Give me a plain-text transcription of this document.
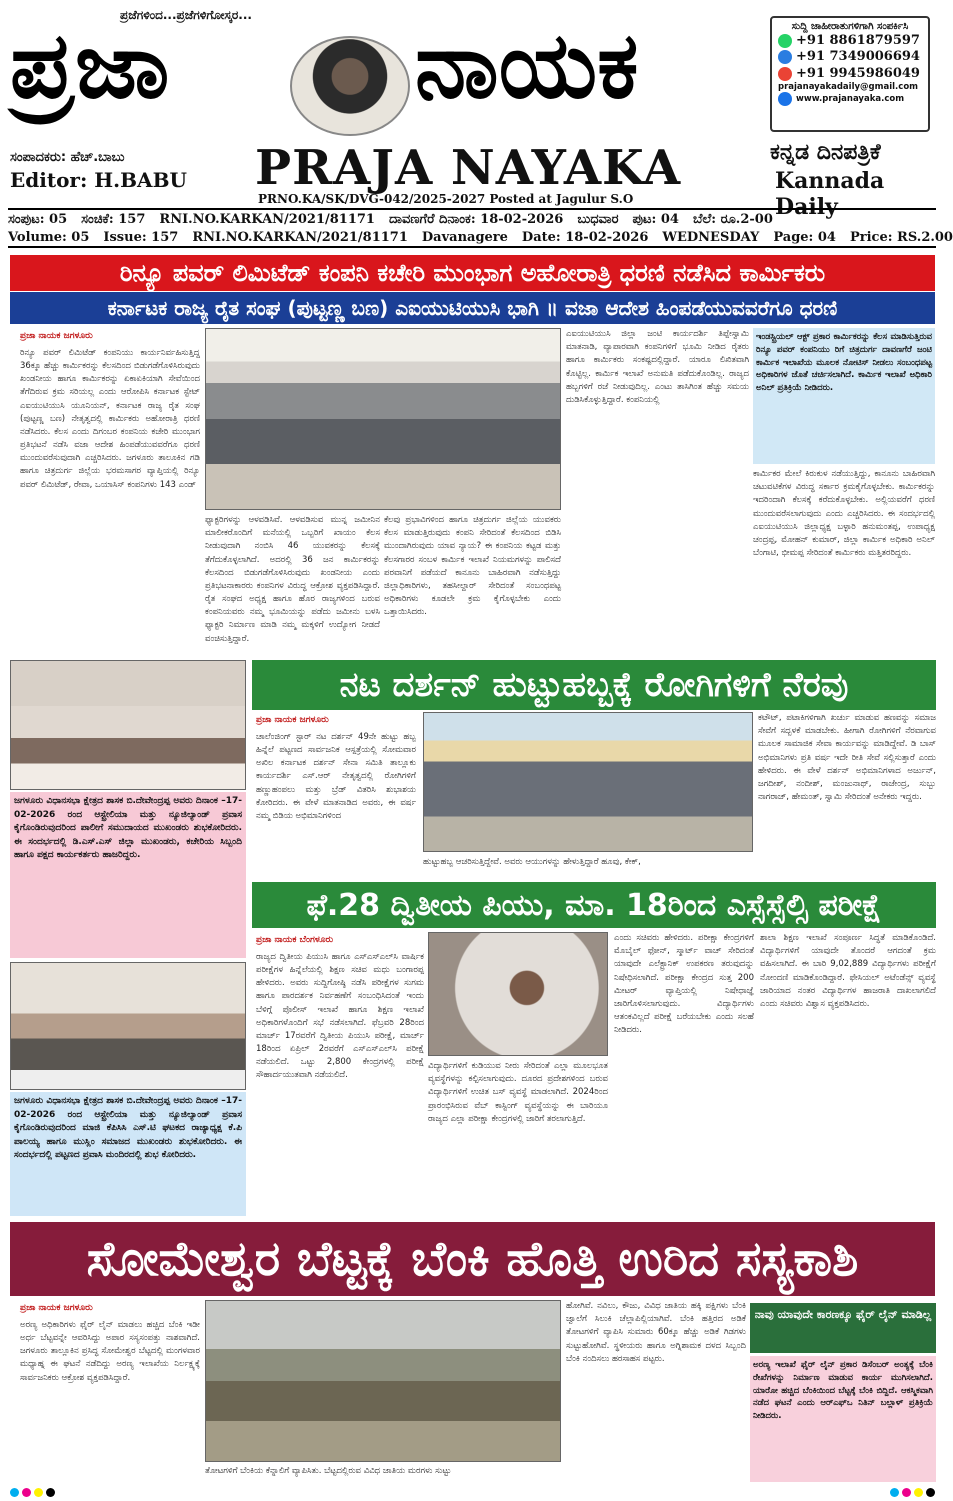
ಪ್ರಜೆಗಳಿಂದ...ಪ್ರಜೆಗಳಿಗೋಸ್ಕರ...
ಪ್ರಜಾ	ನಾಯಕ
PRAJA NAYAKA
ಸಂಪಾದಕರು: ಹೆಚ್.ಬಾಬು
Editor: H.BABU
PRNO.KA/SK/DVG-042/2025-2027 Posted at Jagulur S.O
ಕನ್ನಡ ದಿನಪತ್ರಿಕೆ
Kannada Daily
ಸುದ್ದಿ ಜಾಹೀರಾತುಗಳಿಗಾಗಿ ಸಂಪರ್ಕಿಸಿ
+91 8861879597
+91 7349006694
+91 9945986049
prajanayakadaily@gmail.com
www.prajanayaka.com
ಸಂಪುಟ: 05 ಸಂಚಿಕೆ: 157 RNI.NO.KARKAN/2021/81171 ದಾವಣಗೆರೆ ದಿನಾಂಕ: 18-02-2026 ಬುಧವಾರ ಪುಟ: 04 ಬೆಲೆ: ರೂ.2-00
Volume: 05 Issue: 157 RNI.NO.KARKAN/2021/81171 Davanagere Date: 18-02-2026 WEDNESDAY Page: 04 Price: RS.2.00
ರಿನ್ಯೂ ಪವರ್ ಲಿಮಿಟೆಡ್ ಕಂಪನಿ ಕಚೇರಿ ಮುಂಭಾಗ ಅಹೋರಾತ್ರಿ ಧರಣಿ ನಡೆಸಿದ ಕಾರ್ಮಿಕರು
ಕರ್ನಾಟಕ ರಾಜ್ಯ ರೈತ ಸಂಘ (ಪುಟ್ಟಣ್ಣ ಬಣ) ಎಐಯುಟಿಯುಸಿ ಭಾಗಿ ॥ ವಜಾ ಆದೇಶ ಹಿಂಪಡೆಯುವವರೆಗೂ ಧರಣಿ
ಪ್ರಜಾ ನಾಯಕ ಜಗಳೂರು

ರಿನ್ಯೂ ಪವರ್ ಲಿಮಿಟೆಡ್ ಕಂಪನಿಯು ಕಾರ್ಯನಿರ್ವಹಿಸುತ್ತಿದ್ದ 36ಕ್ಕೂ ಹೆಚ್ಚು ಕಾರ್ಮಿಕರನ್ನು ಕೆಲಸದಿಂದ ಬಿಡುಗಡೆಗೊಳಿಸಿರುವುದು ಖಂಡನೀಯ ಹಾಗೂ ಕಾರ್ಮಿಕರನ್ನು ಏಕಾಏಕಿಯಾಗಿ ಸೇವೆಯಿಂದ ತೆಗೆದಿರುವ ಕ್ರಮ ಸರಿಯಲ್ಲ ಎಂದು ಆರೋಪಿಸಿ ಕರ್ನಾಟಕ ಸ್ಟೇಟ್ ಎಐಯುಟಿಯುಸಿ ಯೂನಿಯನ್, ಕರ್ನಾಟಕ ರಾಜ್ಯ ರೈತ ಸಂಘ (ಪುಟ್ಟಣ್ಣ ಬಣ) ನೇತೃತ್ವದಲ್ಲಿ ಕಾರ್ಮಿಕರು ಅಹೋರಾತ್ರಿ ಧರಣಿ ನಡೆಸಿದರು. ಕೆಲಸ ಎಂದು ದಿಗಂಬರ ಕಂಪನಿಯ ಕಚೇರಿ ಮುಂಭಾಗ ಪ್ರತಿಭಟನೆ ನಡೆಸಿ ವಜಾ ಆದೇಶ ಹಿಂಪಡೆಯುವವರೆಗೂ ಧರಣಿ ಮುಂದುವರೆಸುವುದಾಗಿ ಎಚ್ಚರಿಸಿದರು. ಜಗಳೂರು ತಾಲೂಕಿನ ಗಡಿ ಹಾಗೂ ಚಿತ್ರದುರ್ಗ ಜಿಲ್ಲೆಯ ಭರಮಸಾಗರ ವ್ಯಾಪ್ತಿಯಲ್ಲಿ ರಿನ್ಯೂ ಪವರ್ ಲಿಮಿಟೆಡ್, ರೇವಾ, ಒಯಾಸಿಸ್ ಕಂಪನಿಗಳು 143 ಎಂಡ್

ಫ್ಯಾಕ್ಟರಿಗಳನ್ನು ಆಳವಡಿಸಿವೆ. ಆಳವಡಿಸುವ ಮುನ್ನ ಜಮೀನಿನ ಮಾಲೀಕರೊಂದಿಗೆ ಮನೆಯಲ್ಲಿ ಒಬ್ಬರಿಗೆ ಖಾಯಂ ಕೆಲಸ ನೀಡುವುದಾಗಿ ನಂಬಿಸಿ 46 ಯುವಕರನ್ನು ಕೆಲಸಕ್ಕೆ ತೆಗೆದುಕೊಳ್ಳಲಾಗಿದೆ. ಅದರಲ್ಲಿ 36 ಜನ ಕಾರ್ಮಿಕರನ್ನು ಕೆಲಸದಿಂದ ಬಿಡುಗಡೆಗೊಳಿಸಿರುವುದು ಖಂಡನೀಯ ಎಂದು ಪ್ರತಿಭಟನಾಕಾರರು ಕಂಪನಿಗಳ ವಿರುದ್ಧ ಆಕ್ರೋಶ ವ್ಯಕ್ತಪಡಿಸಿದ್ದಾರೆ. ರೈತ ಸಂಘದ ಅಧ್ಯಕ್ಷ ಹಾಗೂ ಹೊರ ರಾಜ್ಯಗಳಿಂದ ಬರುವ ಕಂಪನಿಯವರು ನಮ್ಮ ಭೂಮಿಯನ್ನು ಪಡೆದು ಜಮೀನು ಬಳಸಿ ಫ್ಯಾಕ್ಟರಿ ನಿರ್ಮಾಣ ಮಾಡಿ ನಮ್ಮ ಮಕ್ಕಳಿಗೆ ಉದ್ಯೋಗ ನೀಡದೆ ವಂಚಿಸುತ್ತಿದ್ದಾರೆ.

ಕೆಲವು ಪ್ರಭಾವಿಗಳಿಂದ ಹಾಗೂ ಚಿತ್ರದುರ್ಗ ಜಿಲ್ಲೆಯ ಯುವಕರು ಕೆಲಸ ಮಾಡುತ್ತಿರುವುದು ಕಂಪನಿ ಸೇರಿದಂತೆ ಕೆಲಸದಿಂದ ಬಿಡಿಸಿ ಮುಂದಾಗಿರುವುದು ಯಾವ ನ್ಯಾಯ? ಈ ಕಂಪನಿಯ ಕಟ್ಟಡ ಮತ್ತು ಕೆಲಸಗಾರರ ಸಂಬಳ ಕಾರ್ಮಿಕ ಇಲಾಖೆ ನಿಯಮಗಳನ್ನು ಪಾಲಿಸದೆ ಪರವಾನಿಗೆ ಪಡೆಯದೆ ಕಾನೂನು ಬಾಹಿರವಾಗಿ ನಡೆಸುತ್ತಿದ್ದು ಜಿಲ್ಲಾಧಿಕಾರಿಗಳು, ತಹಸೀಲ್ದಾರ್ ಸೇರಿದಂತೆ ಸಂಬಂಧಪಟ್ಟ ಅಧಿಕಾರಿಗಳು ಕೂಡಲೇ ಕ್ರಮ ಕೈಗೊಳ್ಳಬೇಕು ಎಂದು ಒತ್ತಾಯಿಸಿದರು.

ಎಐಯುಟಿಯುಸಿ ಜಿಲ್ಲಾ ಜಂಟಿ ಕಾರ್ಯದರ್ಶಿ ತಿಪ್ಪೇಸ್ವಾಮಿ ಮಾತನಾಡಿ, ವ್ಯಾಪಾರವಾಗಿ ಕಂಪನಿಗಳಿಗೆ ಭೂಮಿ ನೀಡಿದ ರೈತರು ಹಾಗೂ ಕಾರ್ಮಿಕರು ಸಂಕಷ್ಟದಲ್ಲಿದ್ದಾರೆ. ಯಾರೂ ಲಿಖಿತವಾಗಿ ಕೊಟ್ಟಿಲ್ಲ. ಕಾರ್ಮಿಕ ಇಲಾಖೆ ಅನುಮತಿ ಪಡೆದುಕೊಂಡಿಲ್ಲ. ರಾಜ್ಯದ ಹಬ್ಬಗಳಿಗೆ ರಜೆ ನೀಡುವುದಿಲ್ಲ. ಎಂಟು ತಾಸಿಗಿಂತ ಹೆಚ್ಚು ಸಮಯ ದುಡಿಸಿಕೊಳ್ಳುತ್ತಿದ್ದಾರೆ. ಕಂಪನಿಯಲ್ಲಿ

ಇಂಡಸ್ಟ್ರಿಯಲ್ ಆಕ್ಟ್ ಪ್ರಕಾರ ಕಾರ್ಮಿಕರನ್ನು ಕೆಲಸ ಮಾಡಿಸುತ್ತಿರುವ ರಿನ್ಯೂ ಪವರ್ ಕಂಪನಿಯು ರಿಗೆ ಚಿತ್ರದುರ್ಗ ದಾವಣಗೆರೆ ಜಂಟಿ ಕಾರ್ಮಿಕ ಇಲಾಖೆಯ ಮೂಲಕ ನೋಟಿಸ್ ನೀಡಲು ಸಂಬಂಧಪಟ್ಟ ಅಧಿಕಾರಿಗಳ ಜೊತೆ ಚರ್ಚಿಸಲಾಗಿದೆ. ಕಾರ್ಮಿಕ ಇಲಾಖೆ ಅಧಿಕಾರಿ ಅನಿಲ್ ಪ್ರತಿಕ್ರಿಯೆ ನೀಡಿದರು.

ಕಾರ್ಮಿಕರ ಮೇಲೆ ಕಿರುಕುಳ ನಡೆಯುತ್ತಿದ್ದು, ಕಾನೂನು ಬಾಹಿರವಾಗಿ ಚಟುವಟಿಕೆಗಳ ವಿರುದ್ಧ ಸರ್ಕಾರ ಕ್ರಮಕೈಗೊಳ್ಳಬೇಕು. ಕಾರ್ಮಿಕರನ್ನು ಇದರಿಂದಾಗಿ ಕೆಲಸಕ್ಕೆ ಕರೆದುಕೊಳ್ಳಬೇಕು. ಅಲ್ಲಿಯವರೆಗೆ ಧರಣಿ ಮುಂದುವರೆಸಲಾಗುವುದು ಎಂದು ಎಚ್ಚರಿಸಿದರು. ಈ ಸಂದರ್ಭದಲ್ಲಿ ಎಐಯುಟಿಯುಸಿ ಜಿಲ್ಲಾಧ್ಯಕ್ಷ ಬಳ್ಳಾರಿ ಹನುಮಂತಪ್ಪ, ಉಪಾಧ್ಯಕ್ಷ ಚಂದ್ರಪ್ಪ, ಮೋಹನ್ ಕುಮಾರ್, ಜಿಲ್ಲಾ ಕಾರ್ಮಿಕ ಅಧಿಕಾರಿ ಅನಿಲ್ ಬೆಂಗಾಟಿ, ಭೀಮಪ್ಪ ಸೇರಿದಂತೆ ಕಾರ್ಮಿಕರು ಮತ್ತಿತರರಿದ್ದರು.

ಜಗಳೂರು ವಿಧಾನಸಭಾ ಕ್ಷೇತ್ರದ ಶಾಸಕ ಬಿ.ದೇವೇಂದ್ರಪ್ಪ ಅವರು ದಿನಾಂಕ –17-02-2026 ರಂದ ಆಸ್ಟ್ರೇಲಿಯಾ ಮತ್ತು ನ್ಯೂಜಿಲ್ಯಾಂಡ್ ಪ್ರವಾಸ ಕೈಗೊಂಡಿರುವುದರಿಂದ ಪಾಲೀಗೆ ಸಮುದಾಯದ ಮುಖಂಡರು ಶುಭಕೋರಿದರು. ಈ ಸಂದರ್ಭದಲ್ಲಿ ಡಿ.ಎಸ್.ಎಸ್ ಜಿಲ್ಲಾ ಮುಖಂಡರು, ಕಚೇರಿಯ ಸಿಬ್ಬಂದಿ ಹಾಗೂ ಪಕ್ಷದ ಕಾರ್ಯಕರ್ತರು ಹಾಜರಿದ್ದರು.
ಜಗಳೂರು ವಿಧಾನಸಭಾ ಕ್ಷೇತ್ರದ ಶಾಸಕ ಬಿ.ದೇವೇಂದ್ರಪ್ಪ ಅವರು ದಿನಾಂಕ –17-02-2026 ರಂದ ಆಸ್ಟ್ರೇಲಿಯಾ ಮತ್ತು ನ್ಯೂಜಿಲ್ಯಾಂಡ್ ಪ್ರವಾಸ ಕೈಗೊಂಡಿರುವುದರಿಂದ ಮಾಜಿ ಕೆಪಿಸಿಸಿ ಎಸ್.ಟಿ ಘಟಕದ ರಾಜ್ಯಾಧ್ಯಕ್ಷ ಕೆ.ಪಿ ಪಾಲಯ್ಯ ಹಾಗೂ ಮುಸ್ಲಿಂ ಸಮಾಜದ ಮುಖಂಡರು ಶುಭಕೋರಿದರು. ಈ ಸಂದರ್ಭದಲ್ಲಿ ಪಟ್ಟಣದ ಪ್ರವಾಸಿ ಮಂದಿರದಲ್ಲಿ ಶುಭ ಕೋರಿದರು.
ನಟ ದರ್ಶನ್ ಹುಟ್ಟುಹಬ್ಬಕ್ಕೆ ರೋಗಿಗಳಿಗೆ ನೆರವು
ಪ್ರಜಾ ನಾಯಕ ಜಗಳೂರು

ಚಾಲೆಂಜಿಂಗ್ ಸ್ಟಾರ್ ನಟ ದರ್ಶನ್ 49ನೇ ಹುಟ್ಟು ಹಬ್ಬ ಹಿನ್ನೆಲೆ ಪಟ್ಟಣದ ಸಾರ್ವಜನಿಕ ಆಸ್ಪತ್ರೆಯಲ್ಲಿ ಸೋಮವಾರ ಅಖಿಲ ಕರ್ನಾಟಕ ದರ್ಶನ್ ಸೇನಾ ಸಮಿತಿ ತಾಲ್ಲೂಕು ಕಾರ್ಯದರ್ಶಿ ಎಸ್.ಆರ್ ನೇತೃತ್ವದಲ್ಲಿ ರೋಗಿಗಳಿಗೆ ಹಣ್ಣುಹಂಪಲು ಮತ್ತು ಬ್ರೆಡ್ ವಿತರಿಸಿ ಶುಭಾಶಯ ಕೋರಿದರು. ಈ ವೇಳೆ ಮಾತನಾಡಿದ ಅವರು, ಈ ವರ್ಷ ನಮ್ಮ ಬಿಡಿಯ ಅಭಿಮಾನಿಗಳಿಂದ

ಹುಟ್ಟುಹಬ್ಬ ಆಚರಿಸುತ್ತಿದ್ದೇವೆ. ಅವರು ಆಯುಗಳನ್ನು ಹೇಳುತ್ತಿದ್ದಾರೆ ಹೂವು, ಕೇಕ್,

ಕಟೌಟ್, ಪಟಾಕಿಗಳಿಗಾಗಿ ಖರ್ಚು ಮಾಡುವ ಹಣವನ್ನು ಸಮಾಜ ಸೇವೆಗೆ ಸದ್ಬಳಕೆ ಮಾಡಬೇಕು. ಹೀಗಾಗಿ ರೋಗಿಗಳಿಗೆ ನೆರವಾಗುವ ಮೂಲಕ ಸಾಮಾಜಿಕ ಸೇವಾ ಕಾರ್ಯವನ್ನು ಮಾಡಿದ್ದೇವೆ. ಡಿ ಬಾಸ್ ಅಭಿಮಾನಿಗಳು ಪ್ರತಿ ವರ್ಷ ಇದೇ ರೀತಿ ಸೇವೆ ಸಲ್ಲಿಸುತ್ತಾರೆ ಎಂದು ಹೇಳಿದರು. ಈ ವೇಳೆ ದರ್ಶನ್ ಅಭಿಮಾನಿಗಳಾದ ಅರ್ಜುನ್, ಜಗದೀಶ್, ನಂದೀಶ್, ಮಂಜುನಾಥ್, ರಾಜೇಂದ್ರ, ಸುಬ್ಬು ನಾಗರಾಜ್, ಹೇಮಂತ್, ಸ್ವಾಮಿ ಸೇರಿದಂತೆ ಅನೇಕರು ಇದ್ದರು.

ಫೆ.28 ದ್ವಿತೀಯ ಪಿಯು, ಮಾ. 18ರಿಂದ ಎಸ್ಸೆಸ್ಸೆಲ್ಸಿ ಪರೀಕ್ಷೆ
ಪ್ರಜಾ ನಾಯಕ ಬೆಂಗಳೂರು

ರಾಜ್ಯದ ದ್ವಿತೀಯ ಪಿಯುಸಿ ಹಾಗೂ ಎಸ್ಎಸ್ಎಲ್‌ಸಿ ವಾರ್ಷಿಕ ಪರೀಕ್ಷೆಗಳ ಹಿನ್ನೆಲೆಯಲ್ಲಿ ಶಿಕ್ಷಣ ಸಚಿವ ಮಧು ಬಂಗಾರಪ್ಪ ಹೇಳಿದರು. ಅವರು ಸುದ್ದಿಗೋಷ್ಠಿ ನಡೆಸಿ ಪರೀಕ್ಷೆಗಳ ಸುಗಮ ಹಾಗೂ ಪಾರದರ್ಶಕ ನಿರ್ವಹಣೆಗೆ ಸಂಬಂಧಿಸಿದಂತೆ ಇಂದು ಬೆಳಿಗ್ಗೆ ಪೊಲೀಸ್ ಇಲಾಖೆ ಹಾಗೂ ಶಿಕ್ಷಣ ಇಲಾಖೆ ಅಧಿಕಾರಿಗಳೊಂದಿಗೆ ಸಭೆ ನಡೆಸಲಾಗಿದೆ. ಫೆಬ್ರವರಿ 28ರಿಂದ ಮಾರ್ಚ್ 17ರವರೆಗೆ ದ್ವಿತೀಯ ಪಿಯುಸಿ ಪರೀಕ್ಷೆ, ಮಾರ್ಚ್ 18ರಿಂದ ಏಪ್ರಿಲ್ 2ರವರೆಗೆ ಎಸ್ಎಸ್ಎಲ್‌ಸಿ ಪರೀಕ್ಷೆ ನಡೆಯಲಿದೆ. ಒಟ್ಟು 2,800 ಕೇಂದ್ರಗಳಲ್ಲಿ ಪರೀಕ್ಷೆ ಸೌಹಾರ್ದಯುತವಾಗಿ ನಡೆಯಲಿದೆ.

ವಿದ್ಯಾರ್ಥಿಗಳಿಗೆ ಕುಡಿಯುವ ನೀರು ಸೇರಿದಂತೆ ಎಲ್ಲಾ ಮೂಲಭೂತ ವ್ಯವಸ್ಥೆಗಳನ್ನು ಕಲ್ಪಿಸಲಾಗುವುದು. ದೂರದ ಪ್ರದೇಶಗಳಿಂದ ಬರುವ ವಿದ್ಯಾರ್ಥಿಗಳಿಗೆ ಉಚಿತ ಬಸ್ ವ್ಯವಸ್ಥೆ ಮಾಡಲಾಗಿದೆ. 2024ರಿಂದ ಪ್ರಾರಂಭಿಸಿರುವ ವೆಬ್ ಕಾಸ್ಟಿಂಗ್ ವ್ಯವಸ್ಥೆಯನ್ನು ಈ ಬಾರಿಯೂ ರಾಜ್ಯದ ಎಲ್ಲಾ ಪರೀಕ್ಷಾ ಕೇಂದ್ರಗಳಲ್ಲಿ ಜಾರಿಗೆ ತರಲಾಗುತ್ತಿದೆ.

ಎಂದು ಸಚಿವರು ಹೇಳಿದರು. ಪರೀಕ್ಷಾ ಕೇಂದ್ರಗಳಿಗೆ ಮೊಬೈಲ್ ಫೋನ್, ಸ್ಮಾರ್ಟ್ ವಾಚ್ ಸೇರಿದಂತೆ ಯಾವುದೇ ಎಲೆಕ್ಟ್ರಾನಿಕ್ ಉಪಕರಣ ತರುವುದನ್ನು ನಿಷೇಧಿಸಲಾಗಿದೆ. ಪರೀಕ್ಷಾ ಕೇಂದ್ರದ ಸುತ್ತ 200 ಮೀಟರ್ ವ್ಯಾಪ್ತಿಯಲ್ಲಿ ನಿಷೇಧಾಜ್ಞೆ ಜಾರಿಗೊಳಿಸಲಾಗುವುದು. ವಿದ್ಯಾರ್ಥಿಗಳು ಆತಂಕವಿಲ್ಲದೆ ಪರೀಕ್ಷೆ ಬರೆಯಬೇಕು ಎಂದು ಸಲಹೆ ನೀಡಿದರು.

ಶಾಲಾ ಶಿಕ್ಷಣ ಇಲಾಖೆ ಸಂಪೂರ್ಣ ಸಿದ್ಧತೆ ಮಾಡಿಕೊಂಡಿದೆ. ವಿದ್ಯಾರ್ಥಿಗಳಿಗೆ ಯಾವುದೇ ತೊಂದರೆ ಆಗದಂತೆ ಕ್ರಮ ವಹಿಸಲಾಗಿದೆ. ಈ ಬಾರಿ 9,02,889 ವಿದ್ಯಾರ್ಥಿಗಳು ಪರೀಕ್ಷೆಗೆ ನೋಂದಣಿ ಮಾಡಿಕೊಂಡಿದ್ದಾರೆ. ಫೇಸಿಯಲ್ ಅಟೆಂಡೆನ್ಸ್ ವ್ಯವಸ್ಥೆ ಜಾರಿಯಾದ ನಂತರ ವಿದ್ಯಾರ್ಥಿಗಳ ಹಾಜರಾತಿ ದಾಖಲಾಗಲಿದೆ ಎಂದು ಸಚಿವರು ವಿಶ್ವಾಸ ವ್ಯಕ್ತಪಡಿಸಿದರು.

ಸೋಮೇಶ್ವರ ಬೆಟ್ಟಕ್ಕೆ ಬೆಂಕಿ ಹೊತ್ತಿ ಉರಿದ ಸಸ್ಯಕಾಶಿ
ಪ್ರಜಾ ನಾಯಕ ಜಗಳೂರು

ಅರಣ್ಯ ಅಧಿಕಾರಿಗಳು ಫೈರ್ ಲೈನ್ ಮಾಡಲು ಹಚ್ಚಿದ ಬೆಂಕಿ ಇಡೀ ಅರ್ಧ ಬೆಟ್ಟವನ್ನೇ ಆವರಿಸಿದ್ದು ಅಪಾರ ಸಸ್ಯಸಂಪತ್ತು ನಾಶವಾಗಿದೆ. ಜಗಳೂರು ತಾಲ್ಲೂಕಿನ ಪ್ರಸಿದ್ಧ ಸೋಮೇಶ್ವರ ಬೆಟ್ಟದಲ್ಲಿ ಮಂಗಳವಾರ ಮಧ್ಯಾಹ್ನ ಈ ಘಟನೆ ನಡೆದಿದ್ದು ಅರಣ್ಯ ಇಲಾಖೆಯ ನಿರ್ಲಕ್ಷ್ಯಕ್ಕೆ ಸಾರ್ವಜನಿಕರು ಆಕ್ರೋಶ ವ್ಯಕ್ತಪಡಿಸಿದ್ದಾರೆ.

ತೋಟಗಳಿಗೆ ಬೆಂಕಿಯ ಕೆನ್ನಾಲಿಗೆ ವ್ಯಾಪಿಸಿತು. ಬೆಟ್ಟದಲ್ಲಿರುವ ವಿವಿಧ ಜಾತಿಯ ಮರಗಳು ಸುಟ್ಟು

ಹೋಗಿವೆ. ನವಿಲು, ಕೌಜು, ವಿವಿಧ ಜಾತಿಯ ಹಕ್ಕಿ ಪಕ್ಷಿಗಳು ಬೆಂಕಿ ಜ್ವಾಲೆಗೆ ಸಿಲುಕಿ ಚೆಲ್ಲಾಪಿಲ್ಲಿಯಾಗಿವೆ. ಬೆಂಕಿ ಹತ್ತಿರದ ಅಡಿಕೆ ತೋಟಗಳಿಗೆ ವ್ಯಾಪಿಸಿ ಸುಮಾರು 60ಕ್ಕೂ ಹೆಚ್ಚು ಅಡಿಕೆ ಗಿಡಗಳು ಸುಟ್ಟುಹೋಗಿವೆ. ಸ್ಥಳೀಯರು ಹಾಗೂ ಅಗ್ನಿಶಾಮಕ ದಳದ ಸಿಬ್ಬಂದಿ ಬೆಂಕಿ ನಂದಿಸಲು ಹರಸಾಹಸ ಪಟ್ಟರು.

ನಾವು ಯಾವುದೇ ಕಾರಣಕ್ಕೂ ಫೈರ್ ಲೈನ್ ಮಾಡಿಲ್ಲ

ಅರಣ್ಯ ಇಲಾಖೆ ಫೈರ್ ಲೈನ್ ಪ್ರಕಾರ ಡಿಸೆಂಬರ್ ಅಂತ್ಯಕ್ಕೆ ಬೆಂಕಿ ರೇಖೆಗಳನ್ನು ನಿರ್ಮಾಣ ಮಾಡುವ ಕಾರ್ಯ ಮುಗಿಸಲಾಗಿದೆ. ಯಾರೋ ಹಚ್ಚಿದ ಬೆಂಕಿಯಿಂದ ಬೆಟ್ಟಕ್ಕೆ ಬೆಂಕಿ ಬಿದ್ದಿದೆ. ಆಕಸ್ಮಿಕವಾಗಿ ನಡೆದ ಘಟನೆ ಎಂದು ಆರ್‌ಎಫ್‌ಒ ನಿತಿನ್ ಬಲ್ಲಾಳ್ ಪ್ರತಿಕ್ರಿಯೆ ನೀಡಿದರು.
